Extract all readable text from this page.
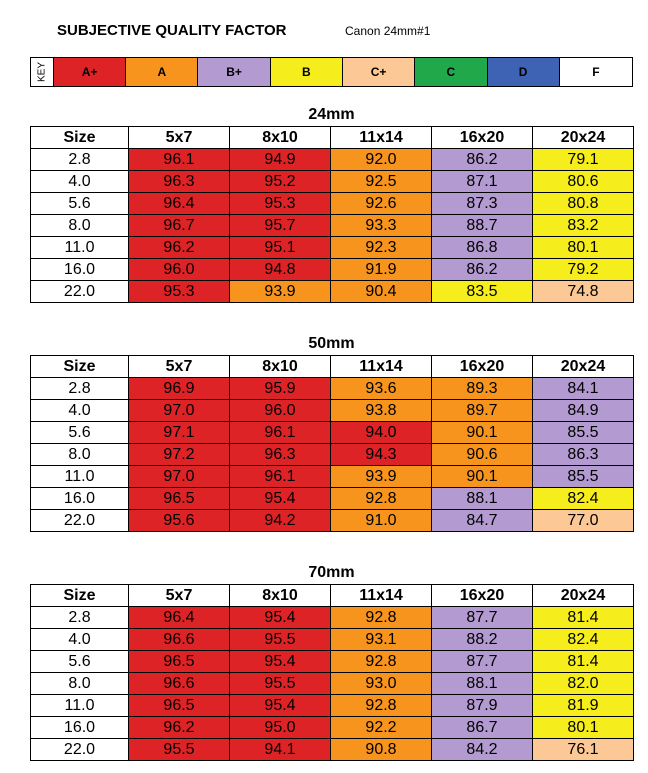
SUBJECTIVE QUALITY FACTOR	Canon 24mm#1
KEY	A+	A	B+	B	C+	C	D	F
24mm
Size	5x7	8x10	11x14	16x20	20x24
2.8	96.1	94.9	92.0	86.2	79.1
4.0	96.3	95.2	92.5	87.1	80.6
5.6	96.4	95.3	92.6	87.3	80.8
8.0	96.7	95.7	93.3	88.7	83.2
11.0	96.2	95.1	92.3	86.8	80.1
16.0	96.0	94.8	91.9	86.2	79.2
22.0	95.3	93.9	90.4	83.5	74.8
50mm
Size	5x7	8x10	11x14	16x20	20x24
2.8	96.9	95.9	93.6	89.3	84.1
4.0	97.0	96.0	93.8	89.7	84.9
5.6	97.1	96.1	94.0	90.1	85.5
8.0	97.2	96.3	94.3	90.6	86.3
11.0	97.0	96.1	93.9	90.1	85.5
16.0	96.5	95.4	92.8	88.1	82.4
22.0	95.6	94.2	91.0	84.7	77.0
70mm
Size	5x7	8x10	11x14	16x20	20x24
2.8	96.4	95.4	92.8	87.7	81.4
4.0	96.6	95.5	93.1	88.2	82.4
5.6	96.5	95.4	92.8	87.7	81.4
8.0	96.6	95.5	93.0	88.1	82.0
11.0	96.5	95.4	92.8	87.9	81.9
16.0	96.2	95.0	92.2	86.7	80.1
22.0	95.5	94.1	90.8	84.2	76.1
